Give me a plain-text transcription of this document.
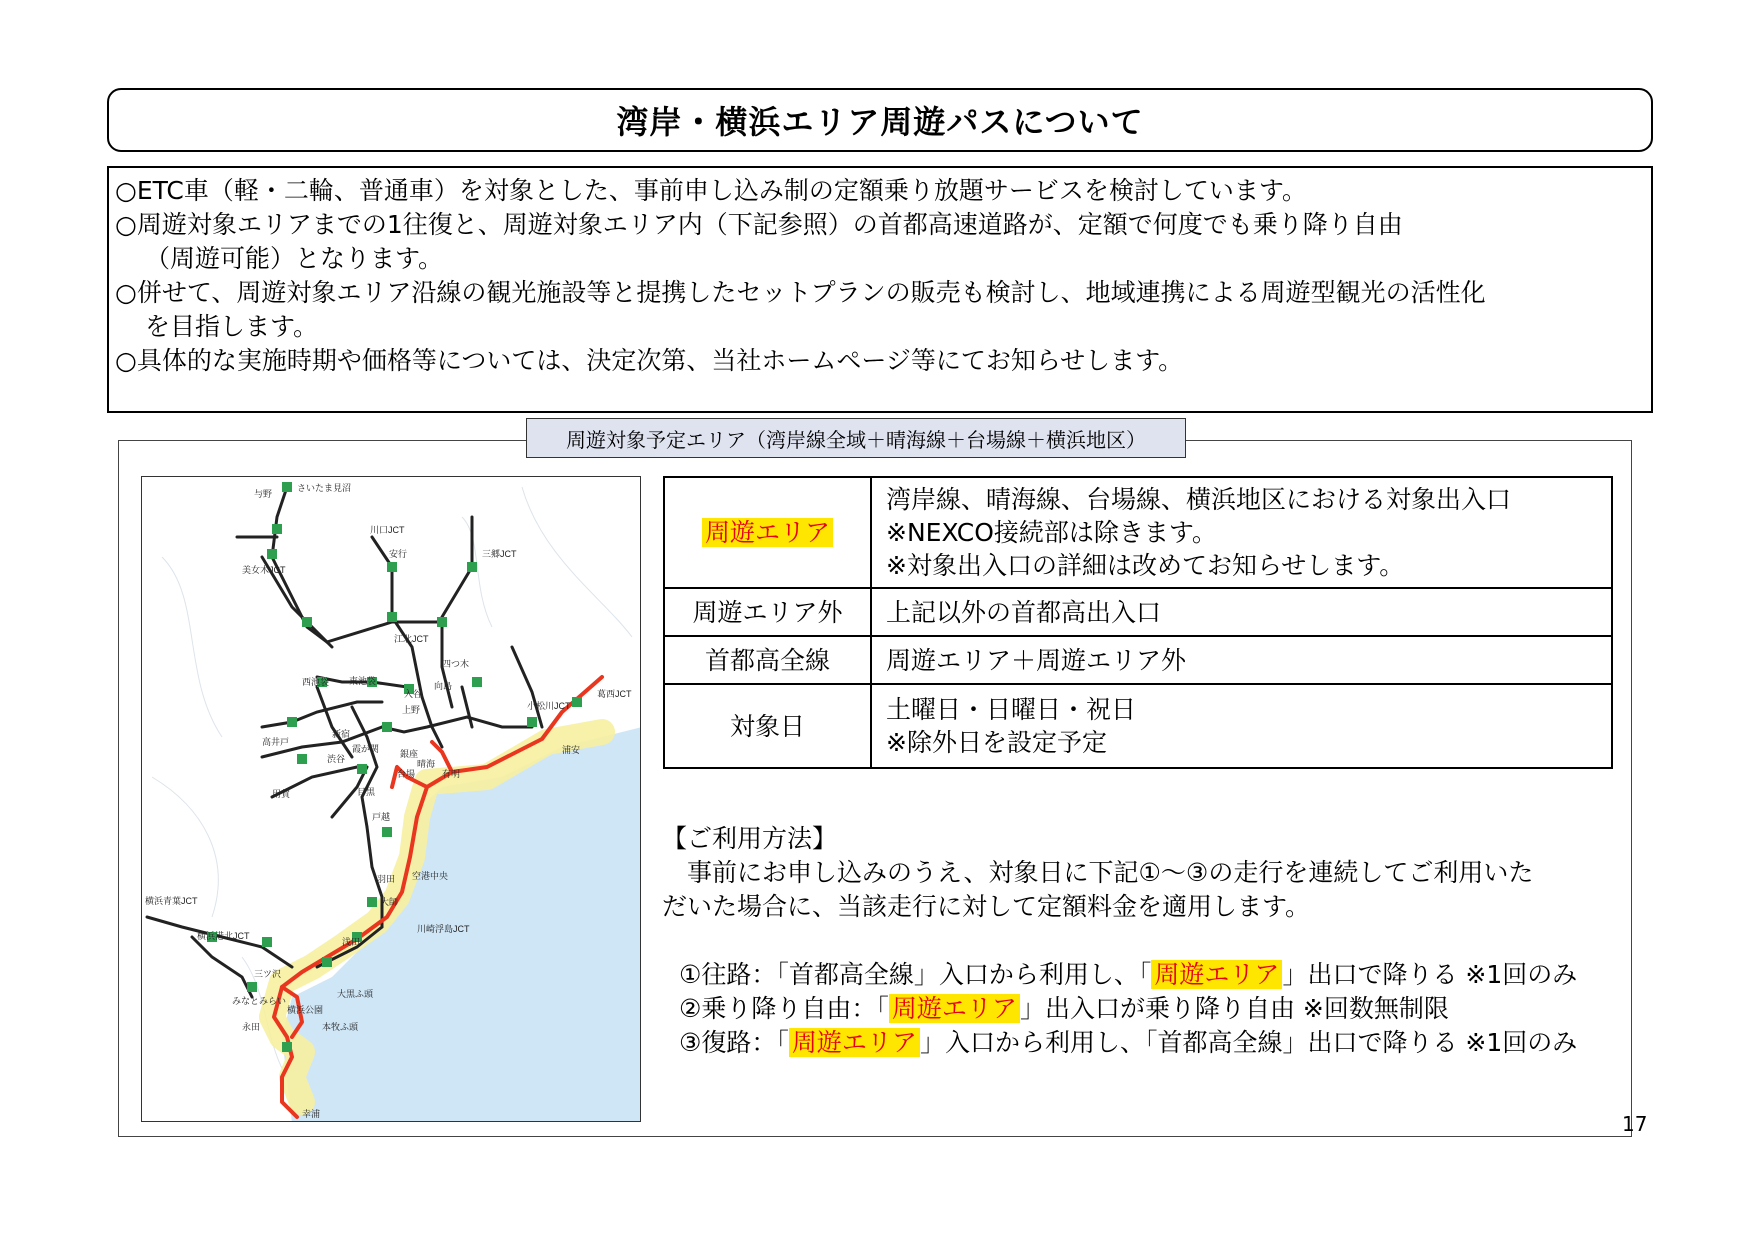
湾岸・横浜エリア周遊パスについて
○ETC車（軽・二輪、普通車）を対象とした、事前申し込み制の定額乗り放題サービスを検討しています。
○周遊対象エリアまでの1往復と、周遊対象エリア内（下記参照）の首都高速道路が、定額で何度でも乗り降り自由
（周遊可能）となります。
○併せて、周遊対象エリア沿線の観光施設等と提携したセットプランの販売も検討し、地域連携による周遊型観光の活性化
を目指します。
○具体的な実施時期や価格等については、決定次第、当社ホームページ等にてお知らせします。
周遊対象予定エリア（湾岸線全域＋晴海線＋台場線＋横浜地区）
さいたま見沼
与野
川口JCT
安行	三郷JCT
美女木JCT
江北JCT
四つ木
西池袋 東池袋
入谷
向島
上野
高井戸
新宿
霞が関
小松川JCT
葛西JCT
渋谷	銀座
晴海
有明
浦安
台場
用賀	目黒
戸越
羽田 空港中央
大師
横浜青葉JCT
横浜港北JCT
川崎浮島JCT
浅田
三ツ沢
みなとみらい
大黒ふ頭
永田
横浜公園
本牧ふ頭
幸浦
周遊エリア	湾岸線、晴海線、台場線、横浜地区における対象出入口
※NEXCO接続部は除きます。
※対象出入口の詳細は改めてお知らせします。

周遊エリア外	上記以外の首都高出入口
首都高全線	周遊エリア＋周遊エリア外
対象日	土曜日・日曜日・祝日
※除外日を設定予定
【ご利用方法】
　事前にお申し込みのうえ、対象日に下記①～③の走行を連続してご利用いた
だいた場合に、当該走行に対して定額料金を適用します。
①往路：「首都高全線」入口から利用し、「 周遊エリア 」出口で降りる ※1回のみ
②乗り降り自由：「 周遊エリア 」出入口が乗り降り自由 ※回数無制限
③復路：「 周遊エリア 」入口から利用し、「首都高全線」出口で降りる ※1回のみ
17
